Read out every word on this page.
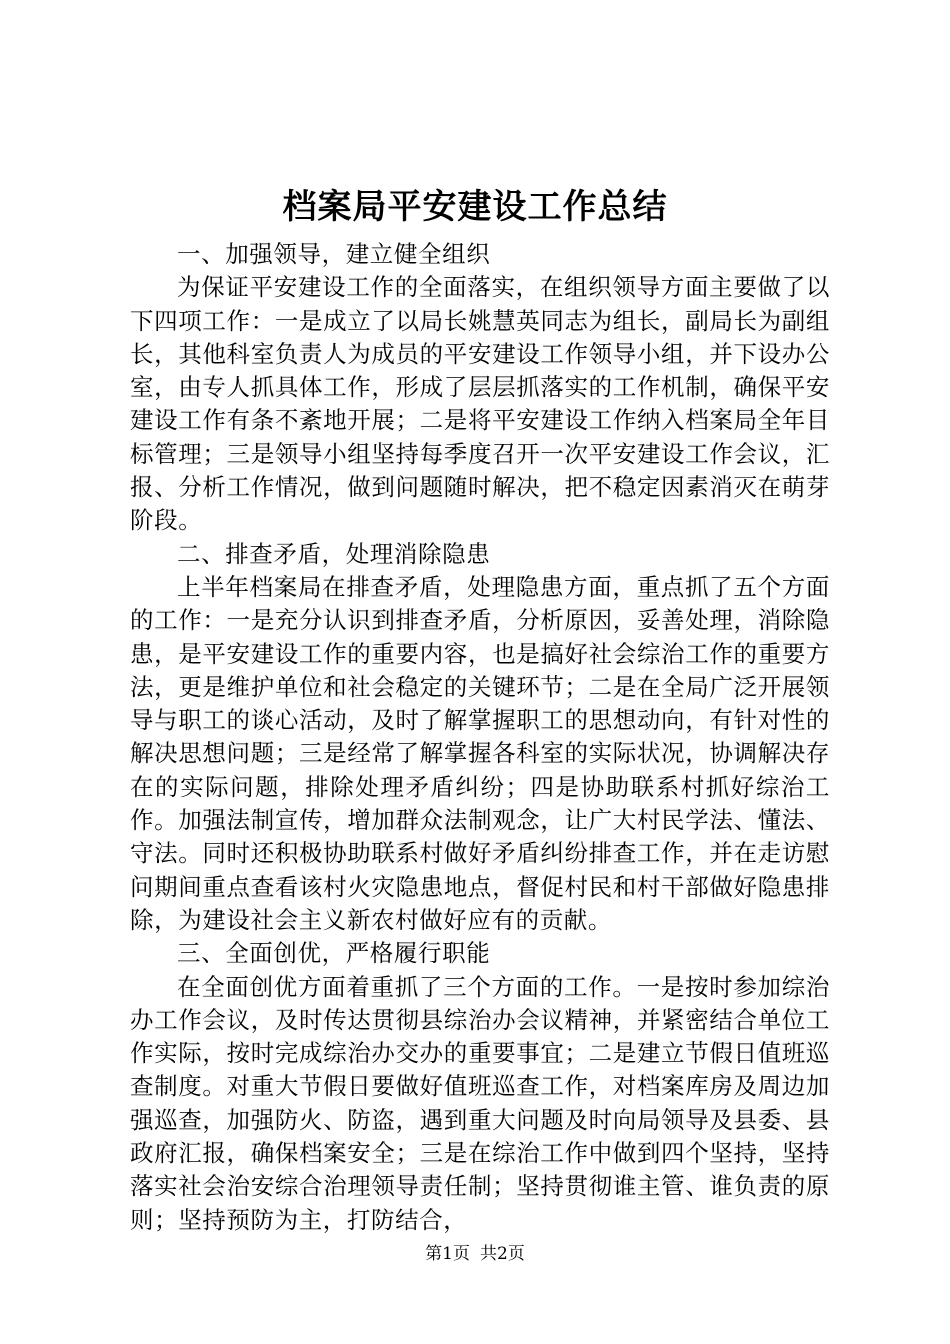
档案局平安建设工作总结

一、加强领导，建立健全组织

为保证平安建设工作的全面落实，在组织领导方面主要做了以下四项工作：一是成立了以局长姚慧英同志为组长，副局长为副组长，其他科室负责人为成员的平安建设工作领导小组，并下设办公室，由专人抓具体工作，形成了层层抓落实的工作机制，确保平安建设工作有条不紊地开展；二是将平安建设工作纳入档案局全年目标管理；三是领导小组坚持每季度召开一次平安建设工作会议，汇报、分析工作情况，做到问题随时解决，把不稳定因素消灭在萌芽阶段。

二、排查矛盾，处理消除隐患

上半年档案局在排查矛盾，处理隐患方面，重点抓了五个方面的工作：一是充分认识到排查矛盾，分析原因，妥善处理，消除隐患，是平安建设工作的重要内容，也是搞好社会综治工作的重要方法，更是维护单位和社会稳定的关键环节；二是在全局广泛开展领导与职工的谈心活动，及时了解掌握职工的思想动向，有针对性的解决思想问题；三是经常了解掌握各科室的实际状况，协调解决存在的实际问题，排除处理矛盾纠纷；四是协助联系村抓好综治工作。加强法制宣传，增加群众法制观念，让广大村民学法、懂法、守法。同时还积极协助联系村做好矛盾纠纷排查工作，并在走访慰问期间重点查看该村火灾隐患地点，督促村民和村干部做好隐患排除，为建设社会主义新农村做好应有的贡献。

三、全面创优，严格履行职能

在全面创优方面着重抓了三个方面的工作。一是按时参加综治办工作会议，及时传达贯彻县综治办会议精神，并紧密结合单位工作实际，按时完成综治办交办的重要事宜；二是建立节假日值班巡查制度。对重大节假日要做好值班巡查工作，对档案库房及周边加强巡查，加强防火、防盗，遇到重大问题及时向局领导及县委、县政府汇报，确保档案安全；三是在综治工作中做到四个坚持，坚持落实社会治安综合治理领导责任制；坚持贯彻谁主管、谁负责的原则；坚持预防为主，打防结合，

第1页 共2页
